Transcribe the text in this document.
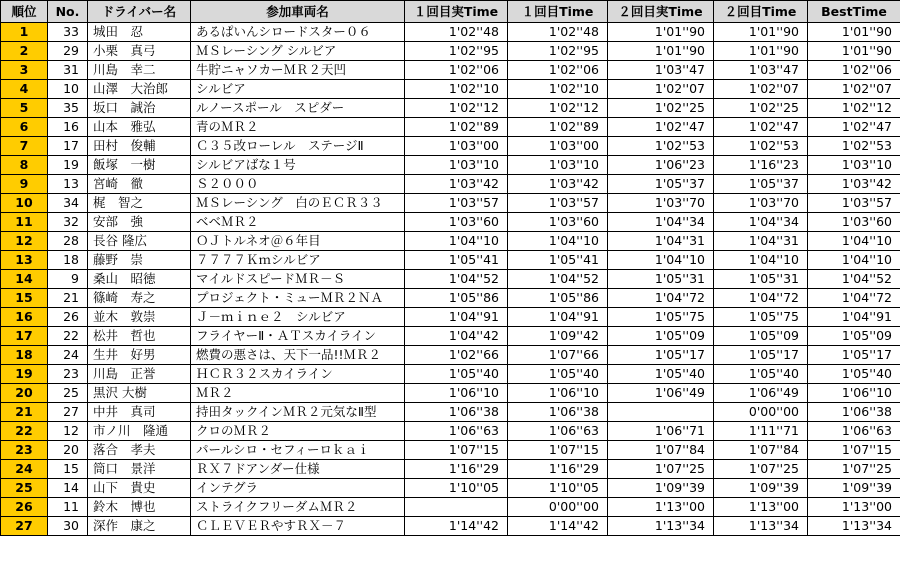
順位	No.	ドライバー名	参加車両名	１回目実Time	１回目Time	２回目実Time	２回目Time	BestTime
1	33	城田　忍	あるぱいんシロードスター０６	1'02''48	1'02''48	1'01''90	1'01''90	1'01''90
2	29	小栗　真弓	ＭＳレーシング シルビア	1'02''95	1'02''95	1'01''90	1'01''90	1'01''90
3	31	川島　幸二	牛貯ニャソカーＭＲ２天凹	1'02''06	1'02''06	1'03''47	1'03''47	1'02''06
4	10	山澤　大治郎	シルビア	1'02''10	1'02''10	1'02''07	1'02''07	1'02''07
5	35	坂口　誠治	ルノースポール　スピダー	1'02''12	1'02''12	1'02''25	1'02''25	1'02''12
6	16	山本　雅弘	青のＭＲ２	1'02''89	1'02''89	1'02''47	1'02''47	1'02''47
7	17	田村　俊輔	Ｃ３５改ローレル　ステージⅡ	1'03''00	1'03''00	1'02''53	1'02''53	1'02''53
8	19	飯塚　一樹	シルビアばな１号	1'03''10	1'03''10	1'06''23	1'16''23	1'03''10
9	13	宮崎　徹	Ｓ２０００	1'03''42	1'03''42	1'05''37	1'05''37	1'03''42
10	34	梶　智之	ＭＳレーシング　白のＥＣＲ３３	1'03''57	1'03''57	1'03''70	1'03''70	1'03''57
11	32	安部　強	ベベＭＲ２	1'03''60	1'03''60	1'04''34	1'04''34	1'03''60
12	28	長谷 隆広	ＯＪトルネオ＠６年目	1'04''10	1'04''10	1'04''31	1'04''31	1'04''10
13	18	藤野　崇	７７７７Ｋｍシルビア	1'05''41	1'05''41	1'04''10	1'04''10	1'04''10
14	9	桑山　昭徳	マイルドスピードＭＲ－Ｓ	1'04''52	1'04''52	1'05''31	1'05''31	1'04''52
15	21	篠崎　寿之	プロジェクト・ミューＭＲ２ＮＡ	1'05''86	1'05''86	1'04''72	1'04''72	1'04''72
16	26	並木　敦崇	Ｊ－ｍｉｎｅ２　シルビア	1'04''91	1'04''91	1'05''75	1'05''75	1'04''91
17	22	松井　哲也	フライヤーⅡ・ＡＴスカイライン	1'04''42	1'09''42	1'05''09	1'05''09	1'05''09
18	24	生井　好男	燃費の悪さは、天下一品!!ＭＲ２	1'02''66	1'07''66	1'05''17	1'05''17	1'05''17
19	23	川島　正誉	ＨＣＲ３２スカイライン	1'05''40	1'05''40	1'05''40	1'05''40	1'05''40
20	25	黒沢 大樹	ＭＲ２	1'06''10	1'06''10	1'06''49	1'06''49	1'06''10
21	27	中井　真司	持田タックインＭＲ２元気なⅡ型	1'06''38	1'06''38		0'00''00	1'06''38
22	12	市ノ川　隆通	クロのＭＲ２	1'06''63	1'06''63	1'06''71	1'11''71	1'06''63
23	20	落合　孝夫	パールシロ・セフィーロｋａｉ	1'07''15	1'07''15	1'07''84	1'07''84	1'07''15
24	15	筒口　景洋	ＲＸ７ドアンダー仕様	1'16''29	1'16''29	1'07''25	1'07''25	1'07''25
25	14	山下　貴史	インテグラ	1'10''05	1'10''05	1'09''39	1'09''39	1'09''39
26	11	鈴木　博也	ストライクフリーダムＭＲ２		0'00''00	1'13''00	1'13''00	1'13''00
27	30	深作　康之	ＣＬＥＶＥＲやすＲＸ－７	1'14''42	1'14''42	1'13''34	1'13''34	1'13''34
